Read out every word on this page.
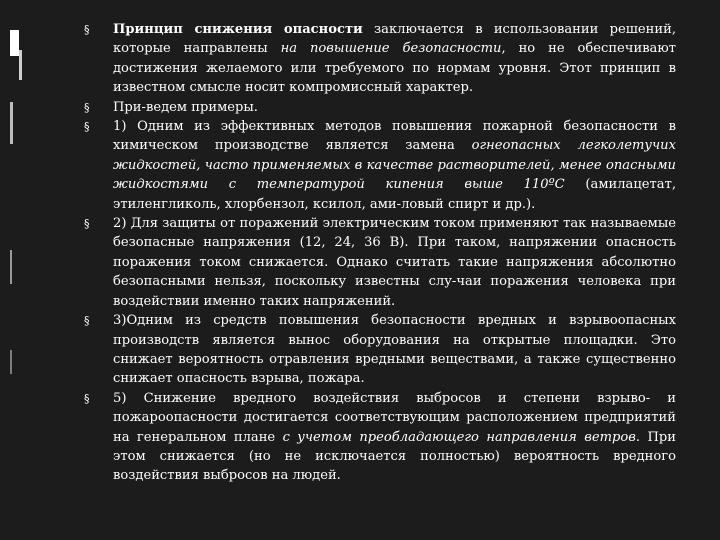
§ Принцип снижения опасности заключается в использовании решений, которые направлены на повышение безопасности, но не обеспечивают достижения желаемого или требуемого по нормам уровня. Этот принцип в известном смысле носит компромиссный характер.
§ При-ведем примеры.
§ 1) Одним из эффективных методов повышения пожарной безопасности в химическом производстве является замена огнеопасных легколетучих жидкостей, часто применяемых в качестве растворителей, менее опасными жидкостями с температурой кипения выше 110ºС (амилацетат, этиленгликоль, хлорбензол, ксилол, ами-ловый спирт и др.).
§ 2) Для защиты от поражений электрическим током применяют так называемые безопасные напряжения (12, 24, 36 В). При таком, напряжении опасность поражения током снижается. Однако считать такие напряжения абсолютно безопасными нельзя, поскольку известны слу-чаи поражения человека при воздействии именно таких напряжений.
§ 3)Одним из средств повышения безопасности вредных и взрывоопасных производств является вынос оборудования на открытые площадки. Это снижает вероятность отравления вредными веществами, а также существенно снижает опасность взрыва, пожара.
§ 5) Снижение вредного воздействия выбросов и степени взрыво- и пожароопасности достигается соответствующим расположением предприятий на генеральном плане с учетом преобладающего направления ветров. При этом снижается (но не исключается полностью) вероятность вредного воздействия выбросов на людей.
